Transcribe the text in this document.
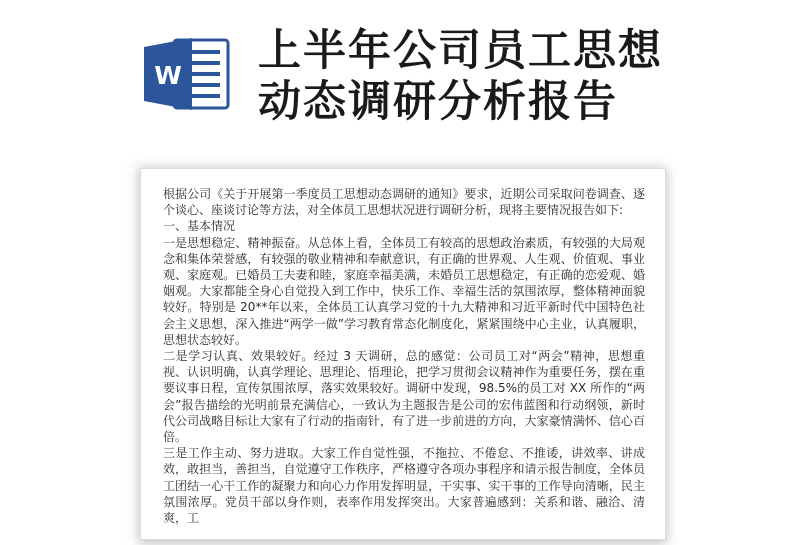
W 上半年公司员工思想
动态调研分析报告

根据公司《关于开展第一季度员工思想动态调研的通知》要求，近期公司采取问卷调查、逐个谈心、座谈讨论等方法，对全体员工思想状况进行调研分析，现将主要情况报告如下:

一、基本情况

一是思想稳定、精神振奋。从总体上看，全体员工有较高的思想政治素质，有较强的大局观念和集体荣誉感，有较强的敬业精神和奉献意识，有正确的世界观、人生观、价值观、事业观、家庭观。已婚员工夫妻和睦，家庭幸福美满，未婚员工思想稳定，有正确的恋爱观、婚姻观。大家都能全身心自觉投入到工作中，快乐工作、幸福生活的氛围浓厚，整体精神面貌较好。特别是 20**年以来，全体员工认真学习党的十九大精神和习近平新时代中国特色社会主义思想，深入推进“两学一做”学习教育常态化制度化，紧紧围绕中心主业，认真履职，思想状态较好。

二是学习认真、效果较好。经过 3 天调研，总的感觉：公司员工对“两会”精神，思想重视、认识明确，认真学理论、思理论、悟理论，把学习贯彻会议精神作为重要任务，摆在重要议事日程，宣传氛围浓厚，落实效果较好。调研中发现，98.5%的员工对 XX 所作的“两会”报告描绘的光明前景充满信心，一致认为主题报告是公司的宏伟蓝图和行动纲领，新时代公司战略目标让大家有了行动的指南针，有了进一步前进的方向，大家豪情满怀、信心百倍。

三是工作主动、努力进取。大家工作自觉性强，不拖拉、不倦怠、不推诿，讲效率、讲成效，敢担当，善担当，自觉遵守工作秩序，严格遵守各项办事程序和请示报告制度，全体员工团结一心干工作的凝聚力和向心力作用发挥明显，干实事、实干事的工作导向清晰，民主氛围浓厚。党员干部以身作则，表率作用发挥突出。大家普遍感到：关系和谐、融洽、清爽，工
